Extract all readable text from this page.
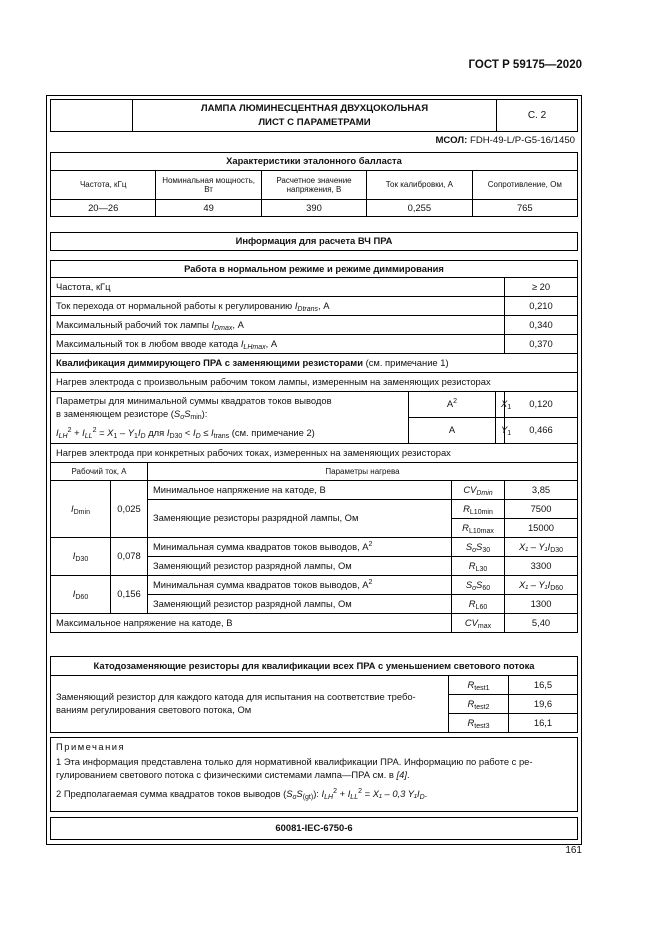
ГОСТ Р 59175—2020

ЛАМПА ЛЮМИНЕСЦЕНТНАЯ ДВУХЦОКОЛЬНАЯ
ЛИСТ С ПАРАМЕТРАМИ
	С. 2
МСОЛ: FDH-49-L/P-G5-16/1450
Характеристики эталонного балласта				
Частота, кГц	Номинальная мощность, Вт	Расчетное значение напряжения, В	Ток калибровки, А	Сопротивление, Ом
20—26	49	390	0,255	765
Информация для расчета ВЧ ПРА
Работа в нормальном режиме и режиме диммирования						
Частота, кГц						≥ 20
Ток перехода от нормальной работы к регулированию $I_{Dtrans}$, А						0,210
Максимальный рабочий ток лампы $I_{Dmax}$, А						0,340
Максимальный ток в любом вводе катода $I_{LHmax}$, А						0,370
Квалификация диммирующего ПРА с заменяющими резисторами (см. примечание 1)						
Нагрев электрода с произвольным рабочим током лампы, измеренным на заменяющих резисторах						

Параметры для минимальной суммы квадратов токов выводов
в заменяющем резисторе $(S_oS_{min})$:
$I_{LH}^2 + I_{LL}^2 = X_1 - Y_1I_D$ для $I_{D30} < I_D \le I_{trans}$ (см. примечание 2)			$А^2$		$X_1$	0,120
			А		$Y_1$	0,466
Нагрев электрода при конкретных рабочих токах, измеренных на заменяющих резисторах						
Рабочий ток, А		Параметры нагрева				
$I_{Dmin}$	0,025	Минимальное напряжение на катоде, В		$CV_{Dmin}$		3,85
		Заменяющие резисторы разрядной лампы, Ом		$R_{L10min}$		7500
				$R_{L10max}$		15000
$I_{D30}$	0,078	Минимальная сумма квадратов токов выводов, $А^2$		$S_oS_{30}$		$X_1 - Y_1I_{D30}$
		Заменяющий резистор разрядной лампы, Ом		$R_{L30}$		3300
$I_{D60}$	0,156	Минимальная сумма квадратов токов выводов, $А^2$		$S_oS_{60}$		$X_1 - Y_1I_{D60}$
		Заменяющий резистор разрядной лампы, Ом		$R_{L60}$		1300
Максимальное напряжение на катоде, В				$CV_{max}$		5,40
Катодозаменяющие резисторы для квалификации всех ПРА с уменьшением светового потока		

Заменяющий резистор для каждого катода для испытания на соответствие требо-
ваниям регулирования светового потока, Ом	$R_{test1}$	16,5
	$R_{test2}$	19,6
	$R_{test3}$	16,1
Примечания
1 Эта информация представлена только для нормативной квалификации ПРА. Информацию по работе с ре-
гулированием светового потока с физическими системами лампа—ПРА см. в [4].
2 Предполагаемая сумма квадратов токов выводов $(S_oS_{(gt)})$: $I_{LH}^2 + I_{LL}^2 = X_1 - 0,3$ $Y_1I_D$.
60081-IEC-6750-6
161
